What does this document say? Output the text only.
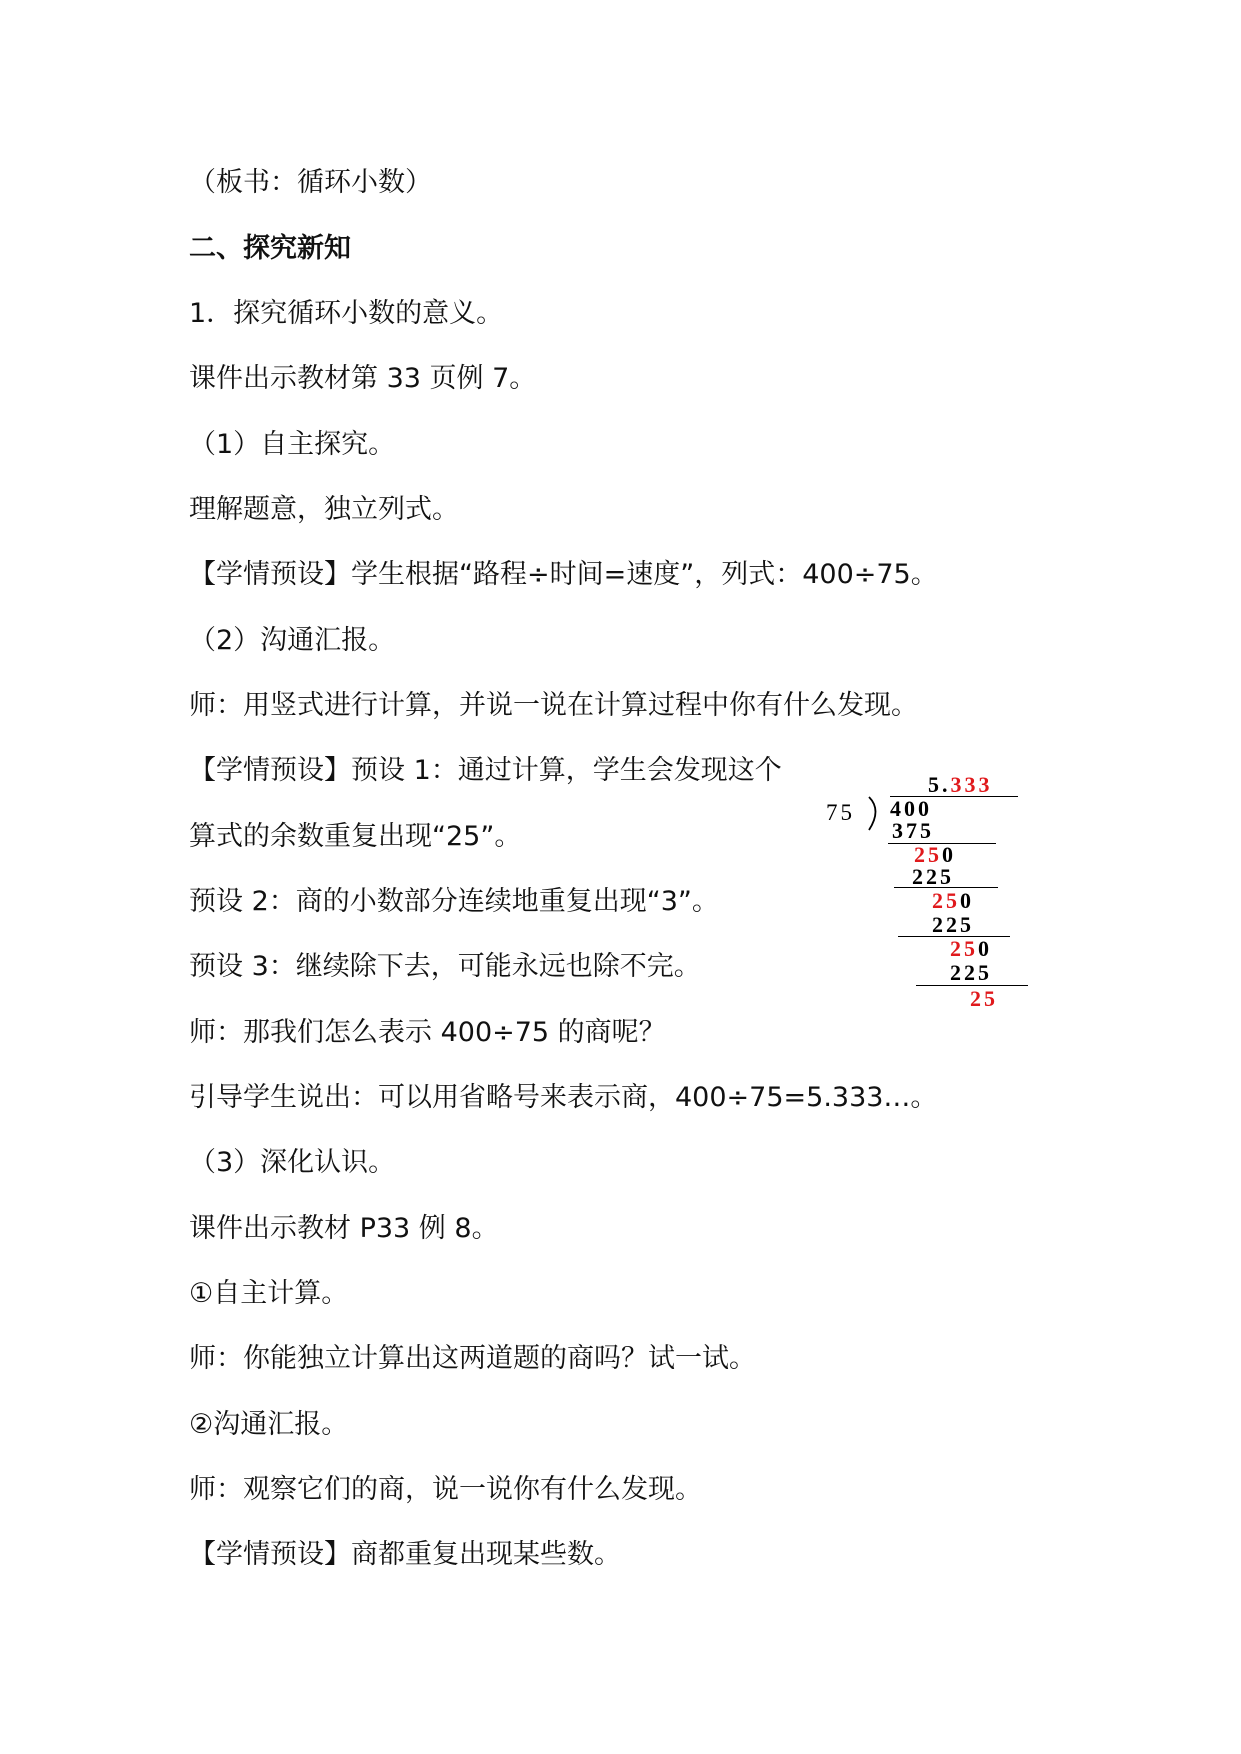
（板书：循环小数）
二、探究新知
1．探究循环小数的意义。
课件出示教材第 33 页例 7。
（1）自主探究。
理解题意，独立列式。
【学情预设】学生根据“路程÷时间=速度”，列式：400÷75。
（2）沟通汇报。
师：用竖式进行计算，并说一说在计算过程中你有什么发现。
【学情预设】预设 1：通过计算，学生会发现这个
算式的余数重复出现“25”。
预设 2：商的小数部分连续地重复出现“3”。
预设 3：继续除下去，可能永远也除不完。
师：那我们怎么表示 400÷75 的商呢？
引导学生说出：可以用省略号来表示商，400÷75=5.333…。
（3）深化认识。
课件出示教材 P33 例 8。
①自主计算。
师：你能独立计算出这两道题的商吗？试一试。
②沟通汇报。
师：观察它们的商，说一说你有什么发现。
【学情预设】商都重复出现某些数。
5.333
75 400
375
250
225
250
225
250
225
25
